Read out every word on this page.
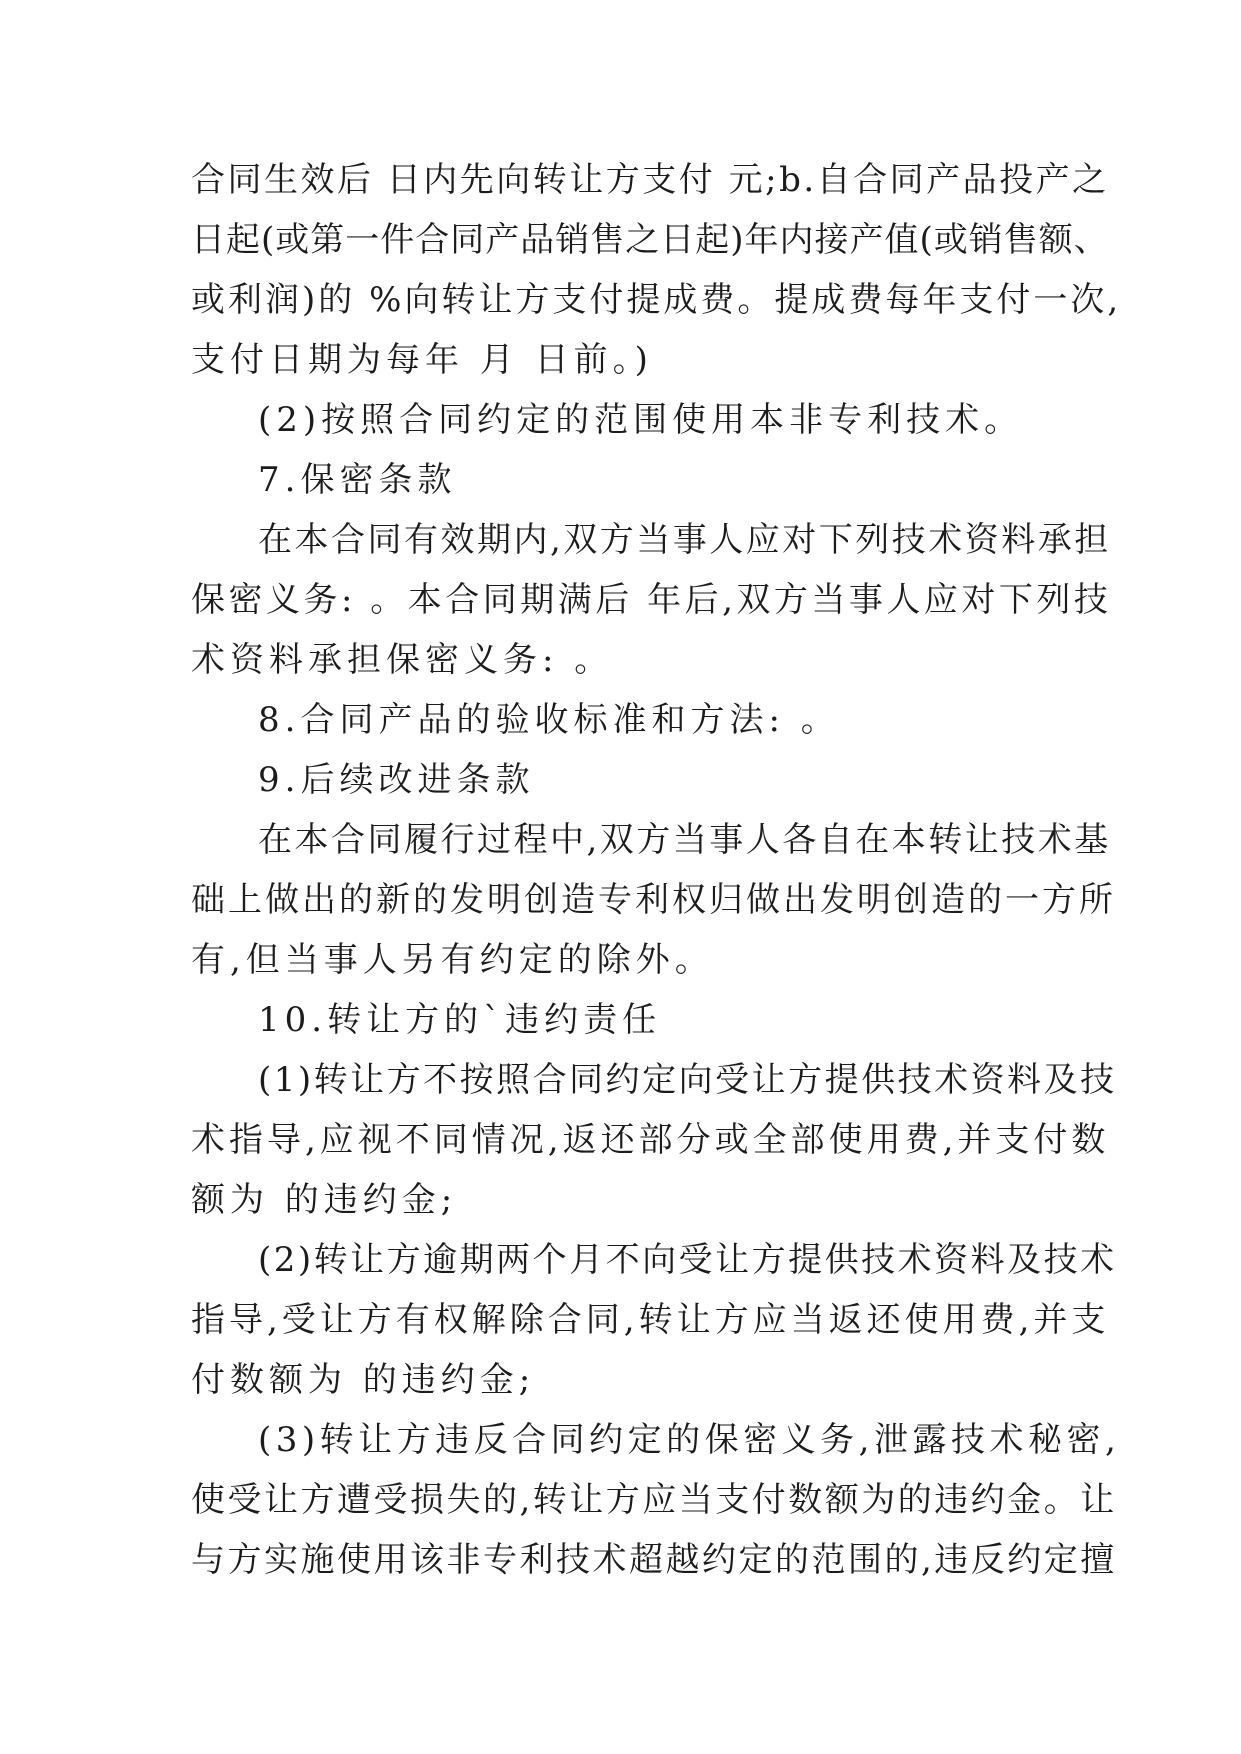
合同生效后 日内先向转让方支付 元;b.自合同产品投产之

日起(或第一件合同产品销售之日起)年内接产值(或销售额、

或利润)的 %向转让方支付提成费。提成费每年支付一次,

支付日期为每年 月 日前。)

(2)按照合同约定的范围使用本非专利技术。

7.保密条款

在本合同有效期内,双方当事人应对下列技术资料承担

保密义务: 。本合同期满后 年后,双方当事人应对下列技

术资料承担保密义务: 。

8.合同产品的验收标准和方法: 。

9.后续改进条款

在本合同履行过程中,双方当事人各自在本转让技术基

础上做出的新的发明创造专利权归做出发明创造的一方所

有,但当事人另有约定的除外。

10.转让方的`违约责任

(1)转让方不按照合同约定向受让方提供技术资料及技

术指导,应视不同情况,返还部分或全部使用费,并支付数

额为 的违约金;

(2)转让方逾期两个月不向受让方提供技术资料及技术

指导,受让方有权解除合同,转让方应当返还使用费,并支

付数额为 的违约金;

(3)转让方违反合同约定的保密义务,泄露技术秘密,

使受让方遭受损失的,转让方应当支付数额为的违约金。让

与方实施使用该非专利技术超越约定的范围的,违反约定擅
